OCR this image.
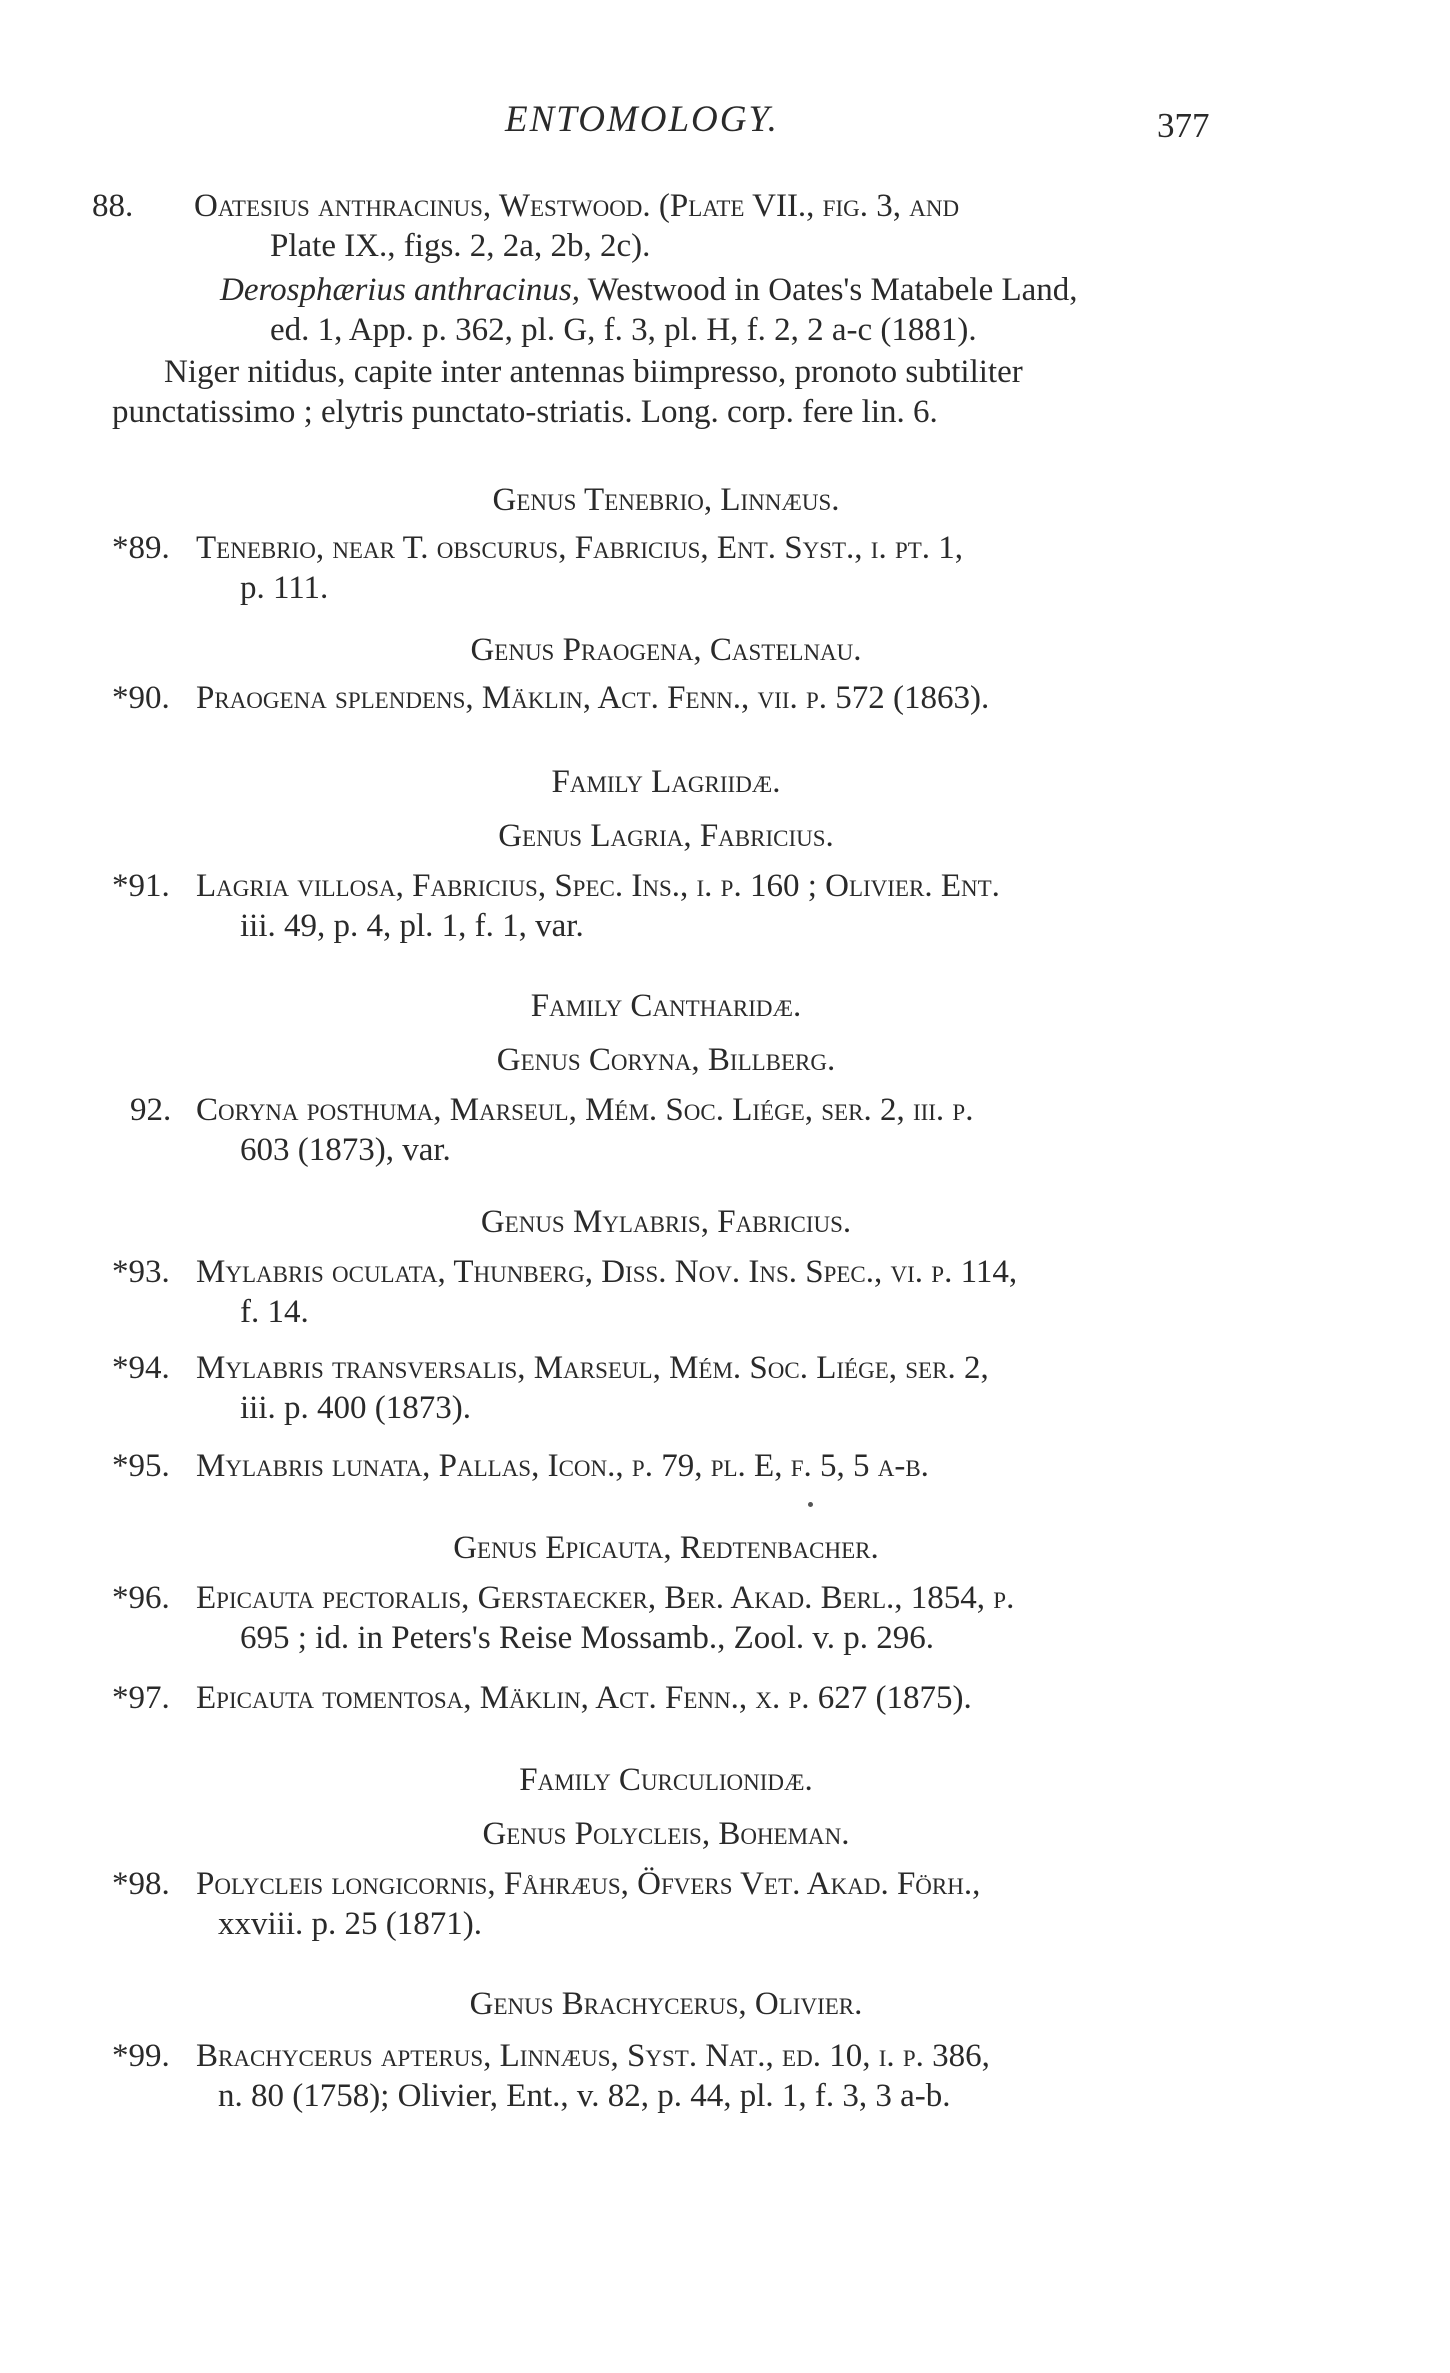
ENTOMOLOGY.	377
88.	Oatesius anthracinus, Westwood. (Plate VII., fig. 3, and

Plate IX., figs. 2, 2a, 2b, 2c).

Derosphærius anthracinus, Westwood in Oates's Matabele Land,

ed. 1, App. p. 362, pl. G, f. 3, pl. H, f. 2, 2 a-c (1881).

Niger nitidus, capite inter antennas biimpresso, pronoto subtiliter

punctatissimo ; elytris punctato-striatis. Long. corp. fere lin. 6.

Genus Tenebrio, Linnæus.
*89. Tenebrio, near T. obscurus, Fabricius, Ent. Syst., i. pt. 1,

p. 111.

Genus Praogena, Castelnau.
*90. Praogena splendens, Mäklin, Act. Fenn., vii. p. 572 (1863).

Family Lagriidæ.
Genus Lagria, Fabricius.
*91. Lagria villosa, Fabricius, Spec. Ins., i. p. 160 ; Olivier. Ent.

iii. 49, p. 4, pl. 1, f. 1, var.

Family Cantharidæ.
Genus Coryna, Billberg.
92. Coryna posthuma, Marseul, Mém. Soc. Liége, ser. 2, iii. p.

603 (1873), var.

Genus Mylabris, Fabricius.
*93. Mylabris oculata, Thunberg, Diss. Nov. Ins. Spec., vi. p. 114,

f. 14.

*94. Mylabris transversalis, Marseul, Mém. Soc. Liége, ser. 2,

iii. p. 400 (1873).

*95. Mylabris lunata, Pallas, Icon., p. 79, pl. E, f. 5, 5 a-b.

Genus Epicauta, Redtenbacher.
*96. Epicauta pectoralis, Gerstaecker, Ber. Akad. Berl., 1854, p.

695 ; id. in Peters's Reise Mossamb., Zool. v. p. 296.

*97. Epicauta tomentosa, Mäklin, Act. Fenn., x. p. 627 (1875).

Family Curculionidæ.
Genus Polycleis, Boheman.
*98. Polycleis longicornis, Fåhræus, Öfvers Vet. Akad. Förh.,

xxviii. p. 25 (1871).

Genus Brachycerus, Olivier.
*99. Brachycerus apterus, Linnæus, Syst. Nat., ed. 10, i. p. 386,

n. 80 (1758); Olivier, Ent., v. 82, p. 44, pl. 1, f. 3, 3 a-b.
